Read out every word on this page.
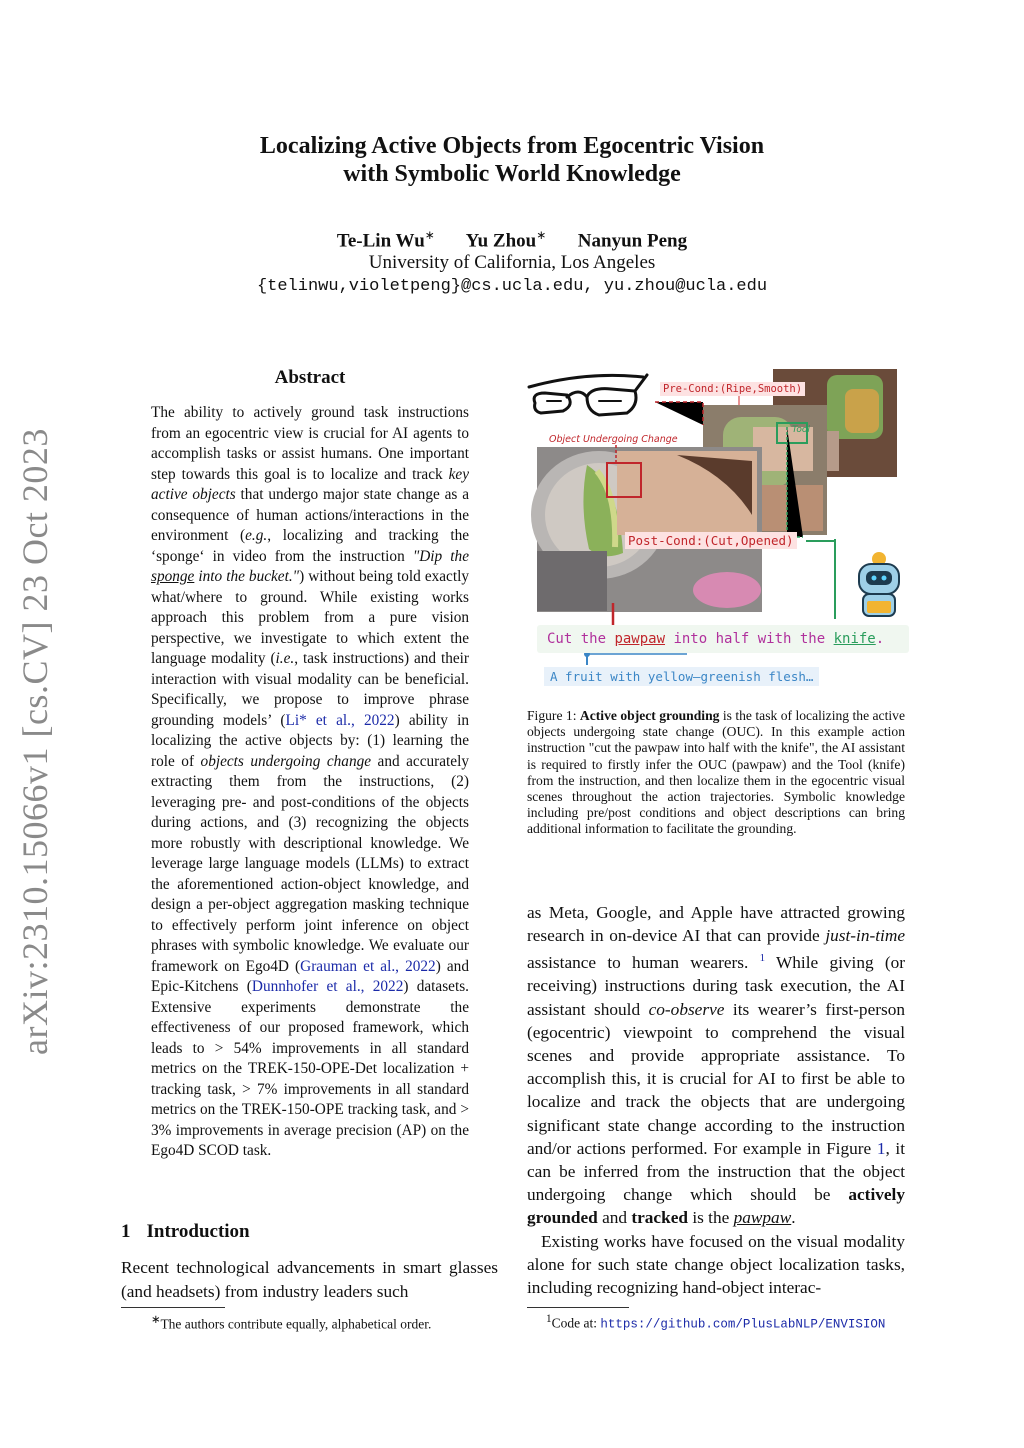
arXiv:2310.15066v1 [cs.CV] 23 Oct 2023
Localizing Active Objects from Egocentric Vision
with Symbolic World Knowledge
Te-Lin Wu∗ Yu Zhou∗ Nanyun Peng
University of California, Los Angeles
{telinwu,violetpeng}@cs.ucla.edu, yu.zhou@ucla.edu
Abstract
The ability to actively ground task instructions from an egocentric view is crucial for AI agents to accomplish tasks or assist humans. One important step towards this goal is to localize and track key active objects that undergo major state change as a consequence of human actions/interactions in the environment (e.g., localizing and tracking the ‘sponge‘ in video from the instruction "Dip the sponge into the bucket.") without being told exactly what/where to ground. While existing works approach this problem from a pure vision perspective, we investigate to which extent the language modality (i.e., task instructions) and their interaction with visual modality can be beneficial. Specifically, we propose to improve phrase grounding models’ (Li* et al., 2022) ability in localizing the active objects by: (1) learning the role of objects undergoing change and accurately extracting them from the instructions, (2) leveraging pre- and post-conditions of the objects during actions, and (3) recognizing the objects more robustly with descriptional knowledge. We leverage large language models (LLMs) to extract the aforementioned action-object knowledge, and design a per-object aggregation masking technique to effectively perform joint inference on object phrases with symbolic knowledge. We evaluate our framework on Ego4D (Grauman et al., 2022) and Epic-Kitchens (Dunnhofer et al., 2022) datasets. Extensive experiments demonstrate the effectiveness of our proposed framework, which leads to > 54% improvements in all standard metrics on the TREK-150-OPE-Det localization + tracking task, > 7% improvements in all standard metrics on the TREK-150-OPE tracking task, and > 3% improvements in average precision (AP) on the Ego4D SCOD task.
1 Introduction
Recent technological advancements in smart glasses (and headsets) from industry leaders such
∗The authors contribute equally, alphabetical order.
Pre-Cond:(Ripe,Smooth)
Tool
Object Undergoing Change
Post-Cond:(Cut,Opened)
Cut the pawpaw into half with the knife.
A fruit with yellow–greenish flesh…
Figure 1: Active object grounding is the task of localizing the active objects undergoing state change (OUC). In this example action instruction "cut the pawpaw into half with the knife", the AI assistant is required to firstly infer the OUC (pawpaw) and the Tool (knife) from the instruction, and then localize them in the egocentric visual scenes throughout the action trajectories. Symbolic knowledge including pre/post conditions and object descriptions can bring additional information to facilitate the grounding.
as Meta, Google, and Apple have attracted growing research in on-device AI that can provide just-in-time assistance to human wearers. $^1$ While giving (or receiving) instructions during task execution, the AI assistant should co-observe its wearer’s first-person (egocentric) viewpoint to comprehend the visual scenes and provide appropriate assistance. To accomplish this, it is crucial for AI to first be able to localize and track the objects that are undergoing significant state change according to the instruction and/or actions performed. For example in Figure 1, it can be inferred from the instruction that the object undergoing change which should be actively grounded and tracked is the pawpaw.
Existing works have focused on the visual modality alone for such state change object localization tasks, including recognizing hand-object interac-
$^1$Code at: https://github.com/PlusLabNLP/ENVISION
